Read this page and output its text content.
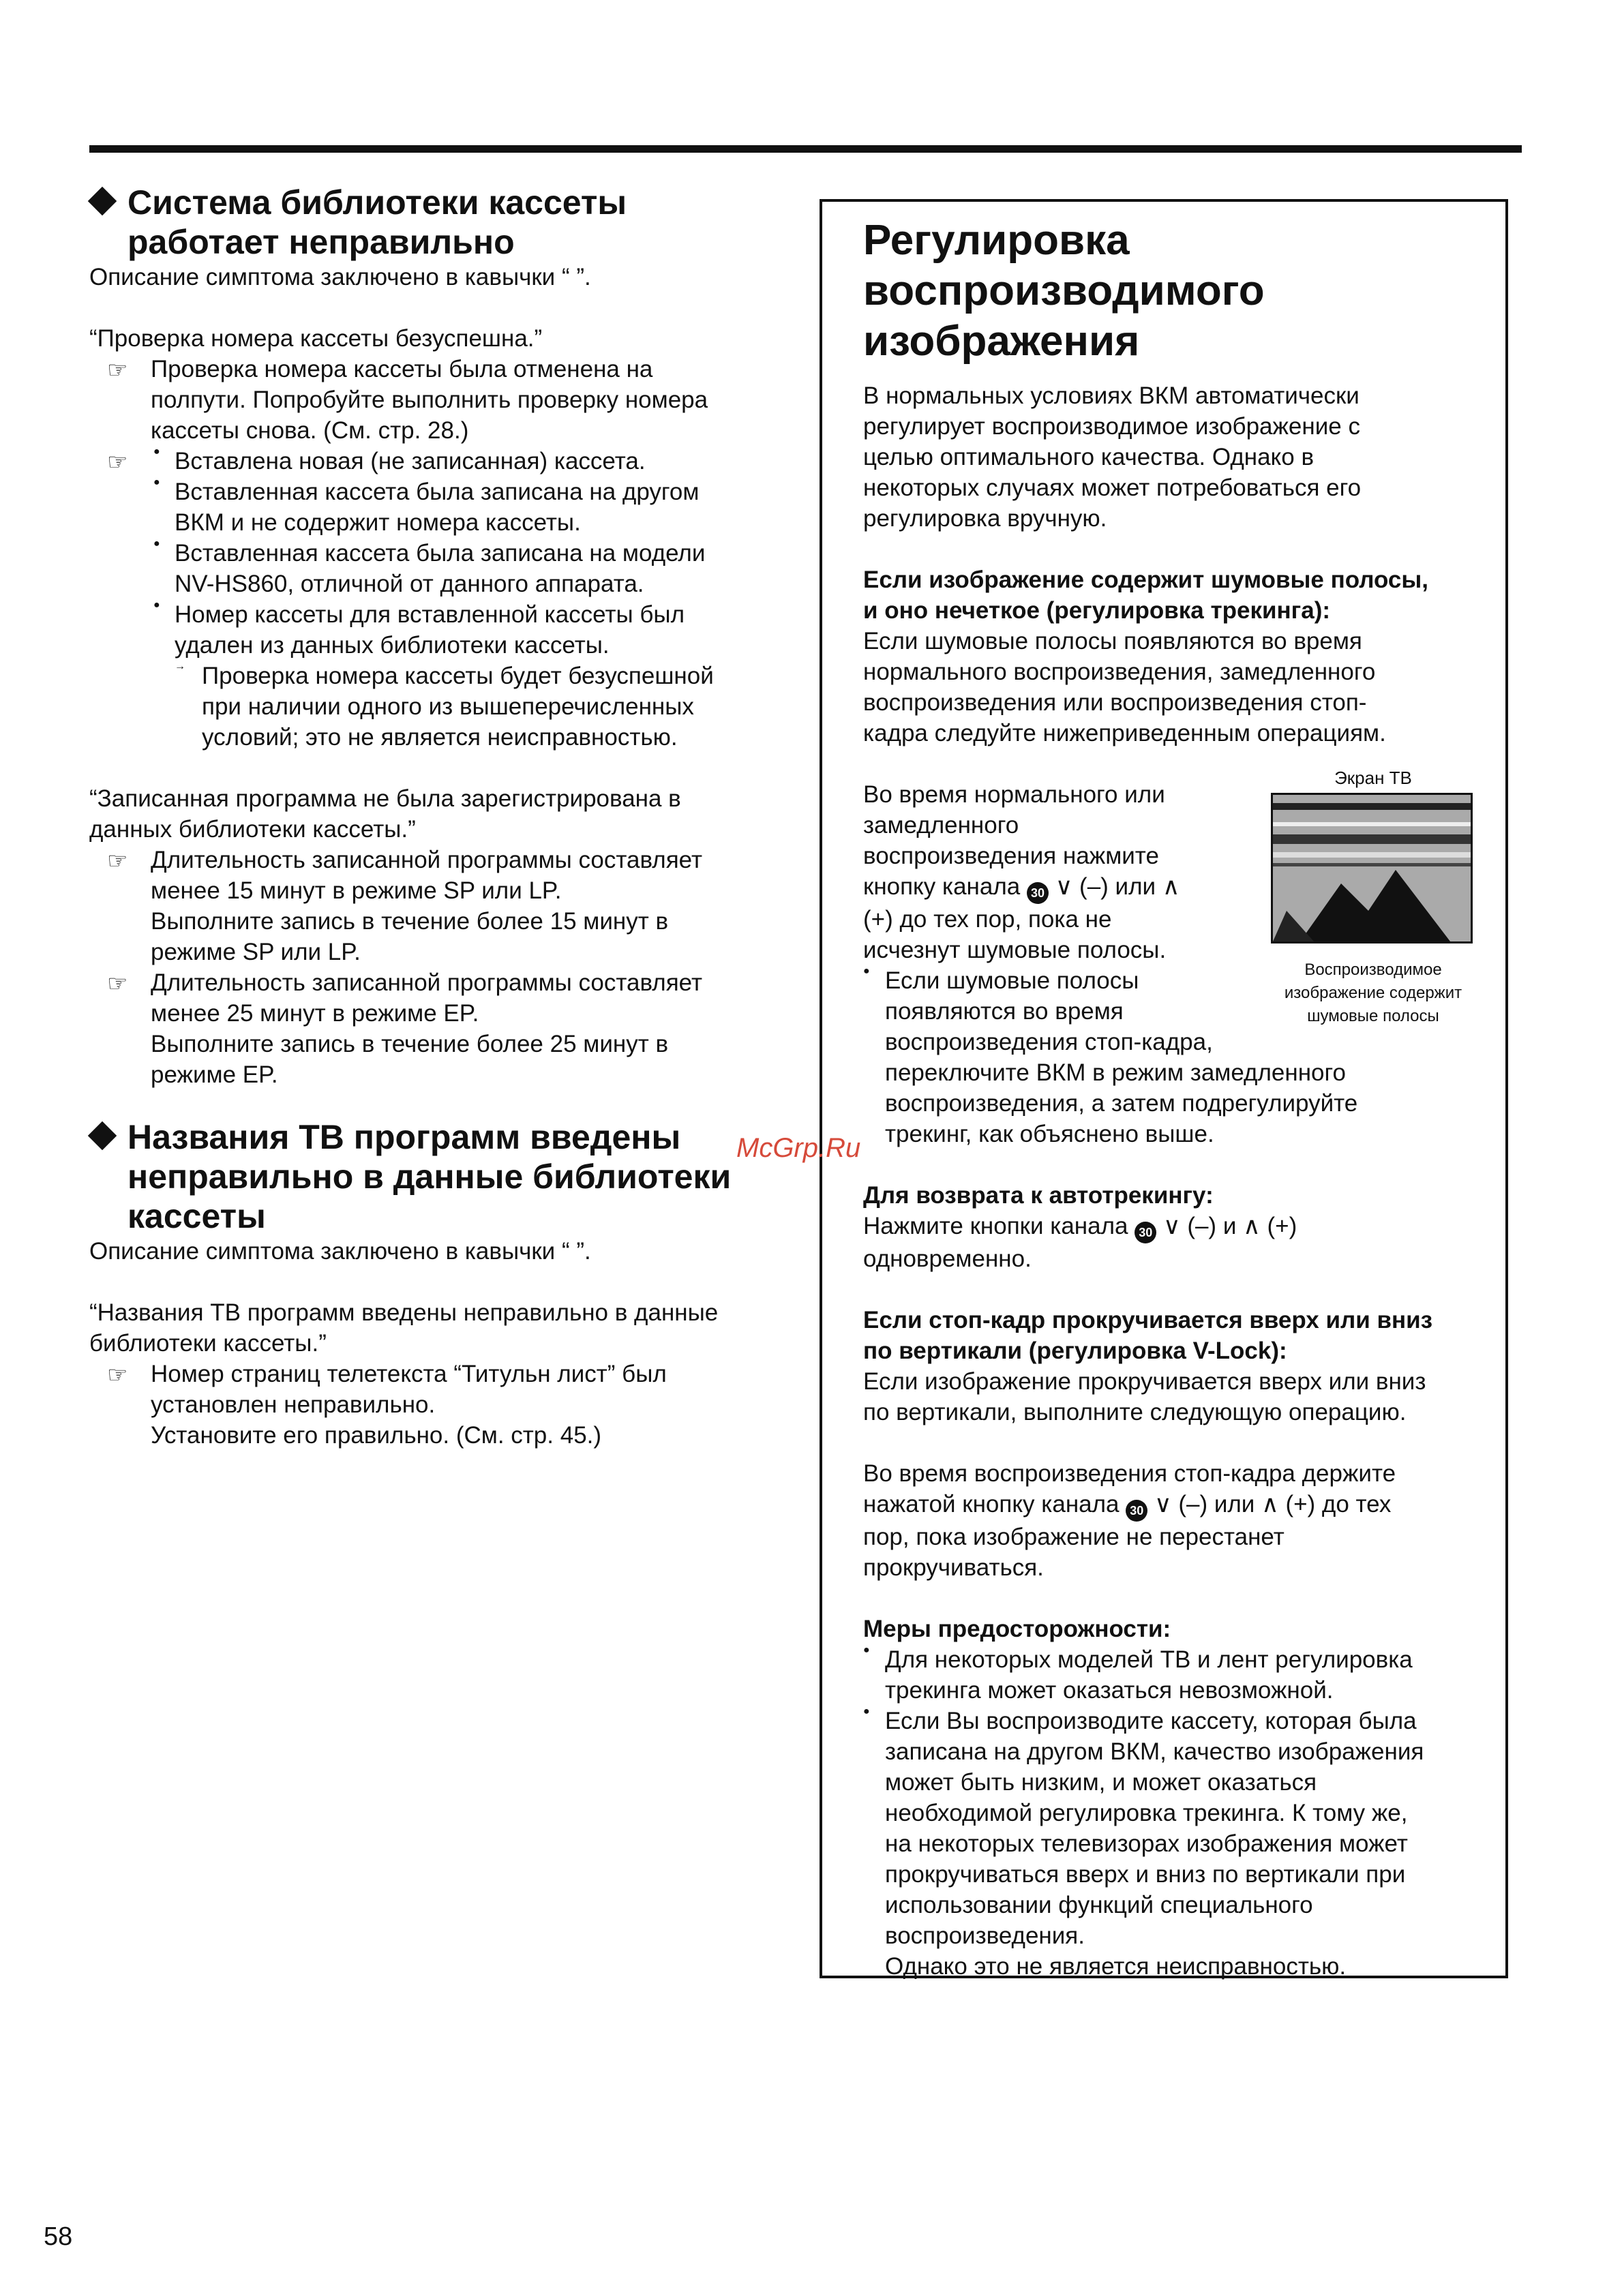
Система библиотеки кассеты
работает неправильно

Описание симптома заключено в кавычки “ ”.

“Проверка номера кассеты безуспешна.”

☞ Проверка номера кассеты была отменена на

полпути. Попробуйте выполнить проверку номера

кассеты снова. (См. стр. 28.)

☞ ● Вставлена новая (не записанная) кассета.

● Вставленная кассета была записана на другом

ВКМ и не содержит номера кассеты.

● Вставленная кассета была записана на модели

NV-HS860, отличной от данного аппарата.

● Номер кассеты для вставленной кассеты был

удален из данных библиотеки кассеты.

→ Проверка номера кассеты будет безуспешной

при наличии одного из вышеперечисленных

условий; это не является неисправностью.

“Записанная программа не была зарегистрирована в

данных библиотеки кассеты.”

☞ Длительность записанной программы составляет

менее 15 минут в режиме SP или LP.

Выполните запись в течение более 15 минут в

режиме SP или LP.

☞ Длительность записанной программы составляет

менее 25 минут в режиме EP.

Выполните запись в течение более 25 минут в

режиме EP.

Названия ТВ программ введены
неправильно в данные библиотеки
кассеты

Описание симптома заключено в кавычки “ ”.

“Названия ТВ программ введены неправильно в данные

библиотеки кассеты.”

☞ Номер страниц телетекста “Титульн лист” был

установлен неправильно.

Установите его правильно. (См. стр. 45.)

Регулировка
воспроизводимого
изображения

В нормальных условиях ВКМ автоматически

регулирует воспроизводимое изображение с

целью оптимального качества. Однако в

некоторых случаях может потребоваться его

регулировка вручную.

Если изображение содержит шумовые полосы,

и оно нечеткое (регулировка трекинга):

Если шумовые полосы появляются во время

нормального воспроизведения, замедленного

воспроизведения или воспроизведения стоп-

кадра следуйте нижеприведенным операциям.

Во время нормального или

замедленного

воспроизведения нажмите

кнопку канала 30 ∨ (–) или ∧

(+) до тех пор, пока не

исчезнут шумовые полосы.

● Если шумовые полосы

появляются во время

воспроизведения стоп-кадра,

переключите ВКМ в режим замедленного

воспроизведения, а затем подрегулируйте

трекинг, как объяснено выше.

Экран ТВ
Воспроизводимое
изображение содержит
шумовые полосы

Для возврата к автотрекингу:

Нажмите кнопки канала 30 ∨ (–) и ∧ (+)

одновременно.

Если стоп-кадр прокручивается вверх или вниз

по вертикали (регулировка V-Lock):

Если изображение прокручивается вверх или вниз

по вертикали, выполните следующую операцию.

Во время воспроизведения стоп-кадра держите

нажатой кнопку канала 30 ∨ (–) или ∧ (+) до тех

пор, пока изображение не перестанет

прокручиваться.

Меры предосторожности:

● Для некоторых моделей ТВ и лент регулировка

трекинга может оказаться невозможной.

● Если Вы воспроизводите кассету, которая была

записана на другом ВКМ, качество изображения

может быть низким, и может оказаться

необходимой регулировка трекинга. К тому же,

на некоторых телевизорах изображения может

прокручиваться вверх и вниз по вертикали при

использовании функций специального

воспроизведения.

Однако это не является неисправностью.

McGrp.Ru
58
